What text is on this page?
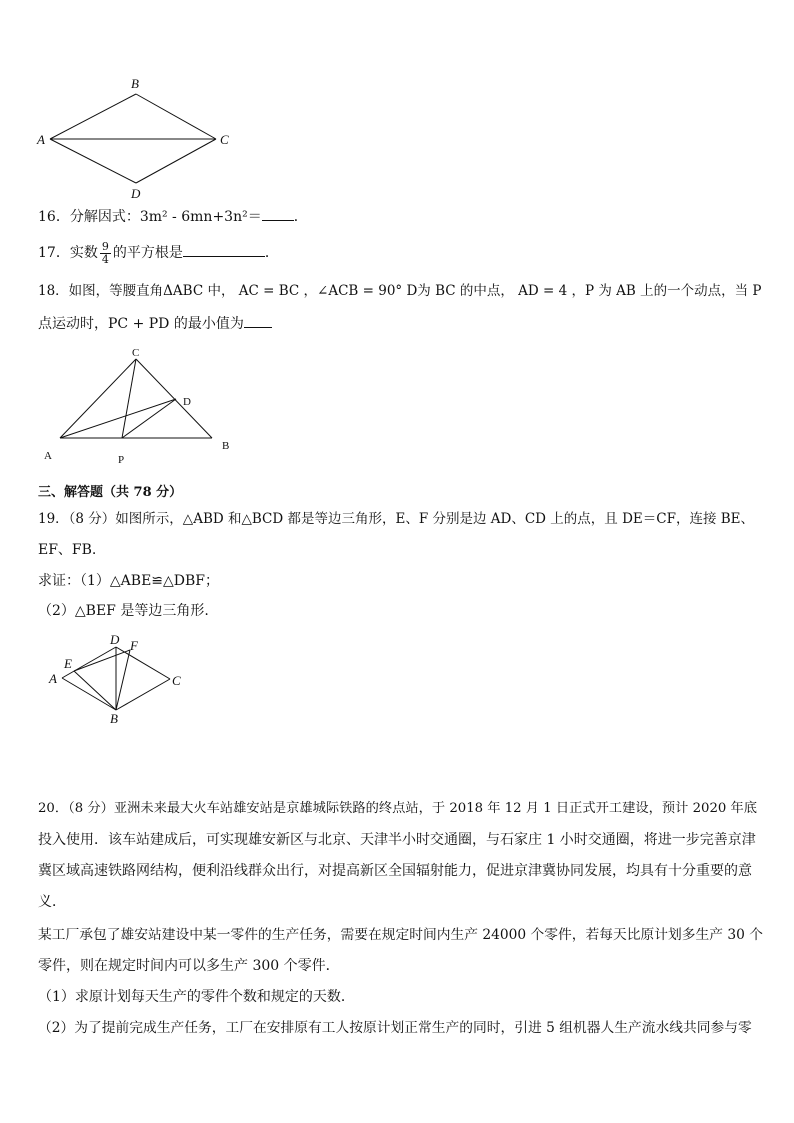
B
A	C
D
16．分解因式：3m² - 6mn+3n²＝ ．
17．实数 $\frac{9}{4}$ 的平方根是	．
18．如图，等腰直角ΔABC 中， AC = BC ，∠ACB = 90° D为 BC 的中点， AD = 4 ，P 为 AB 上的一个动点，当 P
点运动时，PC + PD 的最小值为
C
D
A	P
B
三、解答题（共 78 分）
19．（8 分）如图所示，△ABD 和△BCD 都是等边三角形，E、F 分别是边 AD、CD 上的点，且 DE＝CF，连接 BE、
EF、FB.
求证：（1）△ABE≌△DBF；
（2）△BEF 是等边三角形.
D F
E
A	C
B
20．（8 分）亚洲未来最大火车站雄安站是京雄城际铁路的终点站，于 2018 年 12 月 1 日正式开工建设，预计 2020 年底
投入使用．该车站建成后，可实现雄安新区与北京、天津半小时交通圈，与石家庄 1 小时交通圈，将进一步完善京津
冀区域高速铁路网结构，便利沿线群众出行，对提高新区全国辐射能力，促进京津冀协同发展，均具有十分重要的意
义．
某工厂承包了雄安站建设中某一零件的生产任务，需要在规定时间内生产 24000 个零件，若每天比原计划多生产 30 个
零件，则在规定时间内可以多生产 300 个零件．
（1）求原计划每天生产的零件个数和规定的天数．
（2）为了提前完成生产任务，工厂在安排原有工人按原计划正常生产的同时，引进 5 组机器人生产流水线共同参与零
